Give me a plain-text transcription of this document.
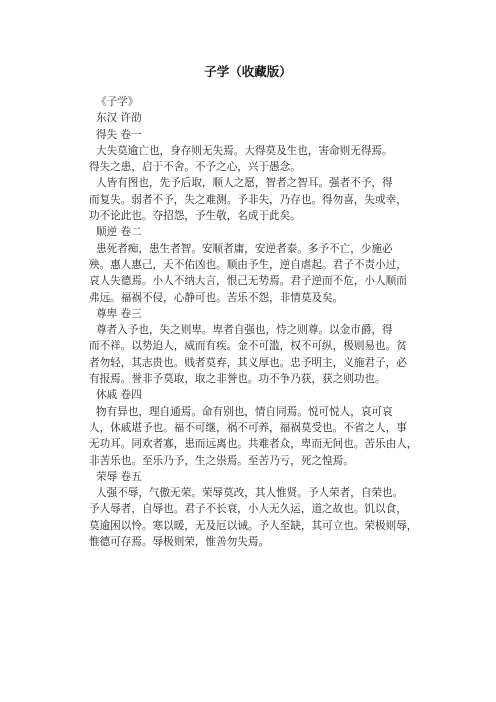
子学（收藏版）
《子学》
东汉 许劭
得失 卷一
大失莫逾亡也，身存则无失焉。大得莫及生也，害命则无得焉。
得失之患，启于不舍。不予之心，兴于愚念。
人皆有图也，先予后取，顺人之愿，智者之智耳。强者不予，得
而复失。弱者不予，失之难测。予非失，乃存也。得勿喜，失或幸，
功不论此也。夺招怨，予生敬，名成于此矣。
顺逆 卷二
患死者痴，患生者智。安顺者庸，安逆者泰。多予不亡，少施必
殃。惠人惠己，天不佑凶也。顺由予生，逆自虐起。君子不责小过，
哀人失德焉。小人不纳大言，恨己无势焉。君子逆而不危，小人顺而
弗远。福祸不侵，心静可也。苦乐不怨，非情莫及矣。
尊卑 卷三
尊者入予也，失之则卑。卑者自强也，恃之则尊。以金市爵，得
而不祥。以势迫人，威而有疾。金不可滥，权不可纵，极则易也。贫
者勿轻，其志贵也。贱者莫弃，其义厚也。忠予明主，义施君子，必
有报焉。誉非予莫取，取之非誉也。功不争乃获，获之则功也。
休戚 卷四
物有异也，理自通焉。命有别也，情自同焉。悦可悦人，哀可哀
人，休戚堪予也。福不可继，祸不可养，福祸莫受也。不省之人，事
无功耳。同欢者寡，患而远离也。共难者众，卑而无间也。苦乐由人，
非苦乐也。至乐乃予，生之祟焉。至苦乃亏，死之惶焉。
荣辱 卷五
人强不辱，气傲无荣。荣辱莫改，其人惟贤。予人荣者，自荣也。
予人辱者，自辱也。君子不长衰，小人无久运，道之故也。饥以食，
莫逾困以怜。寒以暖，无及厄以诫。予人至缺，其可立也。荣极则辱，
惟德可存焉。辱极则荣，惟善勿失焉。
